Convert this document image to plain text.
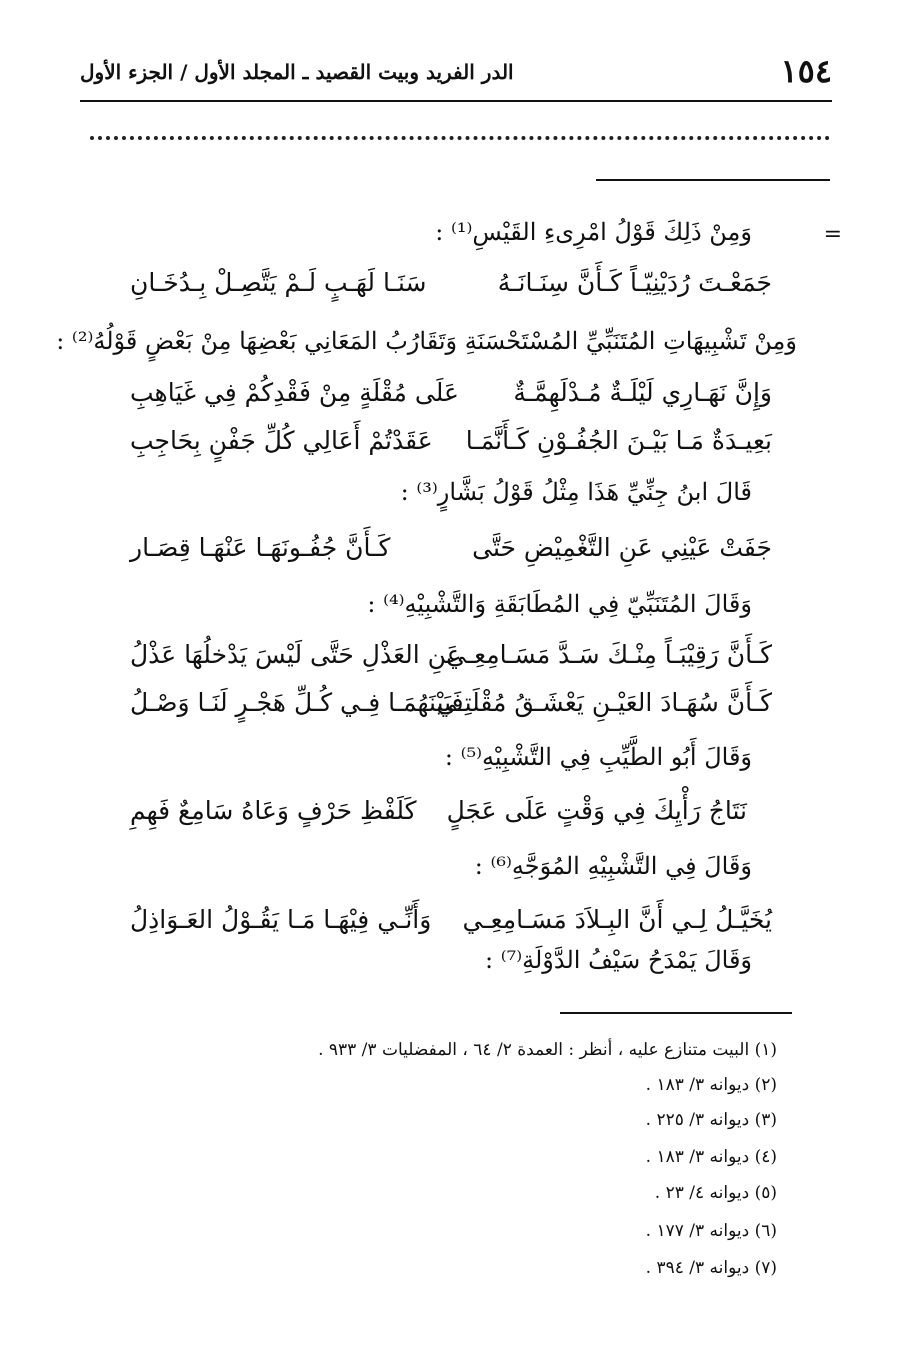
الدر الفريد وبيت القصيد ـ المجلد الأول / الجزء الأول	١٥٤
=
وَمِنْ ذَلِكَ قَوْلُ امْرِىءِ القَيْسِ⁽¹⁾ :
جَمَعْـتَ رُدَيْنِيّـاً كَـأَنَّ سِنَـانَـهُ
سَنَـا لَهَـبٍ لَـمْ يَتَّصِـلْ بِـدُخَـانِ
وَمِنْ تَشْبِيهَاتِ المُتَنَبِّيِّ المُسْتَحْسَنَةِ وَتَقَارُبُ المَعَانِي بَعْضِهَا مِنْ بَعْضٍ قَوْلُهُ⁽²⁾ :
وَإِنَّ نَهَـارِي لَيْلَـةٌ مُـدْلَهِمَّـةٌ
عَلَى مُقْلَةٍ مِنْ فَقْدِكُمْ فِي غَيَاهِبِ
بَعِيـدَةٌ مَـا بَيْـنَ الجُفُـوْنِ كَـأَنَّمَـا
عَقَدْتُمْ أَعَالِي كُلِّ جَفْنٍ بِحَاجِبِ
قَالَ ابنُ جِنِّيِّ هَذَا مِثْلُ قَوْلُ بَشَّارٍ⁽³⁾ :
جَفَتْ عَيْنِي عَنِ التَّغْمِيْضِ حَتَّى
كَـأَنَّ جُفُـونَهَـا عَنْهَـا قِصَـار
وَقَالَ المُتَنَبِّيّ فِي المُطَابَقَةِ وَالتَّشْبِيْهِ⁽⁴⁾ :
كَـأَنَّ رَقِيْبَـاً مِنْـكَ سَـدَّ مَسَـامِعِـي
عَنِ العَذْلِ حَتَّى لَيْسَ يَدْخلُهَا عَذْلُ
كَـأَنَّ سُهَـادَ العَيْـنِ يَعْشَـقُ مُقْلَتِـي
فَبَيْنَهُمَـا فِـي كُـلِّ هَجْـرٍ لَنَـا وَصْـلُ
وَقَالَ أَبُو الطَّيِّبِ فِي التَّشْبِيْهِ⁽⁵⁾ :
نَتَاجُ رَأْيِكَ فِي وَقْتٍ عَلَى عَجَلٍ
كَلَفْظِ حَرْفٍ وَعَاهُ سَامِعٌ فَهِمِ
وَقَالَ فِي التَّشْبِيْهِ المُوَجَّهِ⁽⁶⁾ :
يُخَيَّـلُ لِـي أَنَّ البِـلاَدَ مَسَـامِعِـي
وَأَنِّـي فِيْهَـا مَـا يَقُـوْلُ العَـوَاذِلُ
وَقَالَ يَمْدَحُ سَيْفُ الدَّوْلَةِ⁽⁷⁾ :
(١) البيت متنازع عليه ، أنظر : العمدة ٢/ ٦٤ ، المفضليات ٣/ ٩٣٣ .
(٢) ديوانه ٣/ ١٨٣ .
(٣) ديوانه ٣/ ٢٢٥ .
(٤) ديوانه ٣/ ١٨٣ .
(٥) ديوانه ٤/ ٢٣ .
(٦) ديوانه ٣/ ١٧٧ .
(٧) ديوانه ٣/ ٣٩٤ .
